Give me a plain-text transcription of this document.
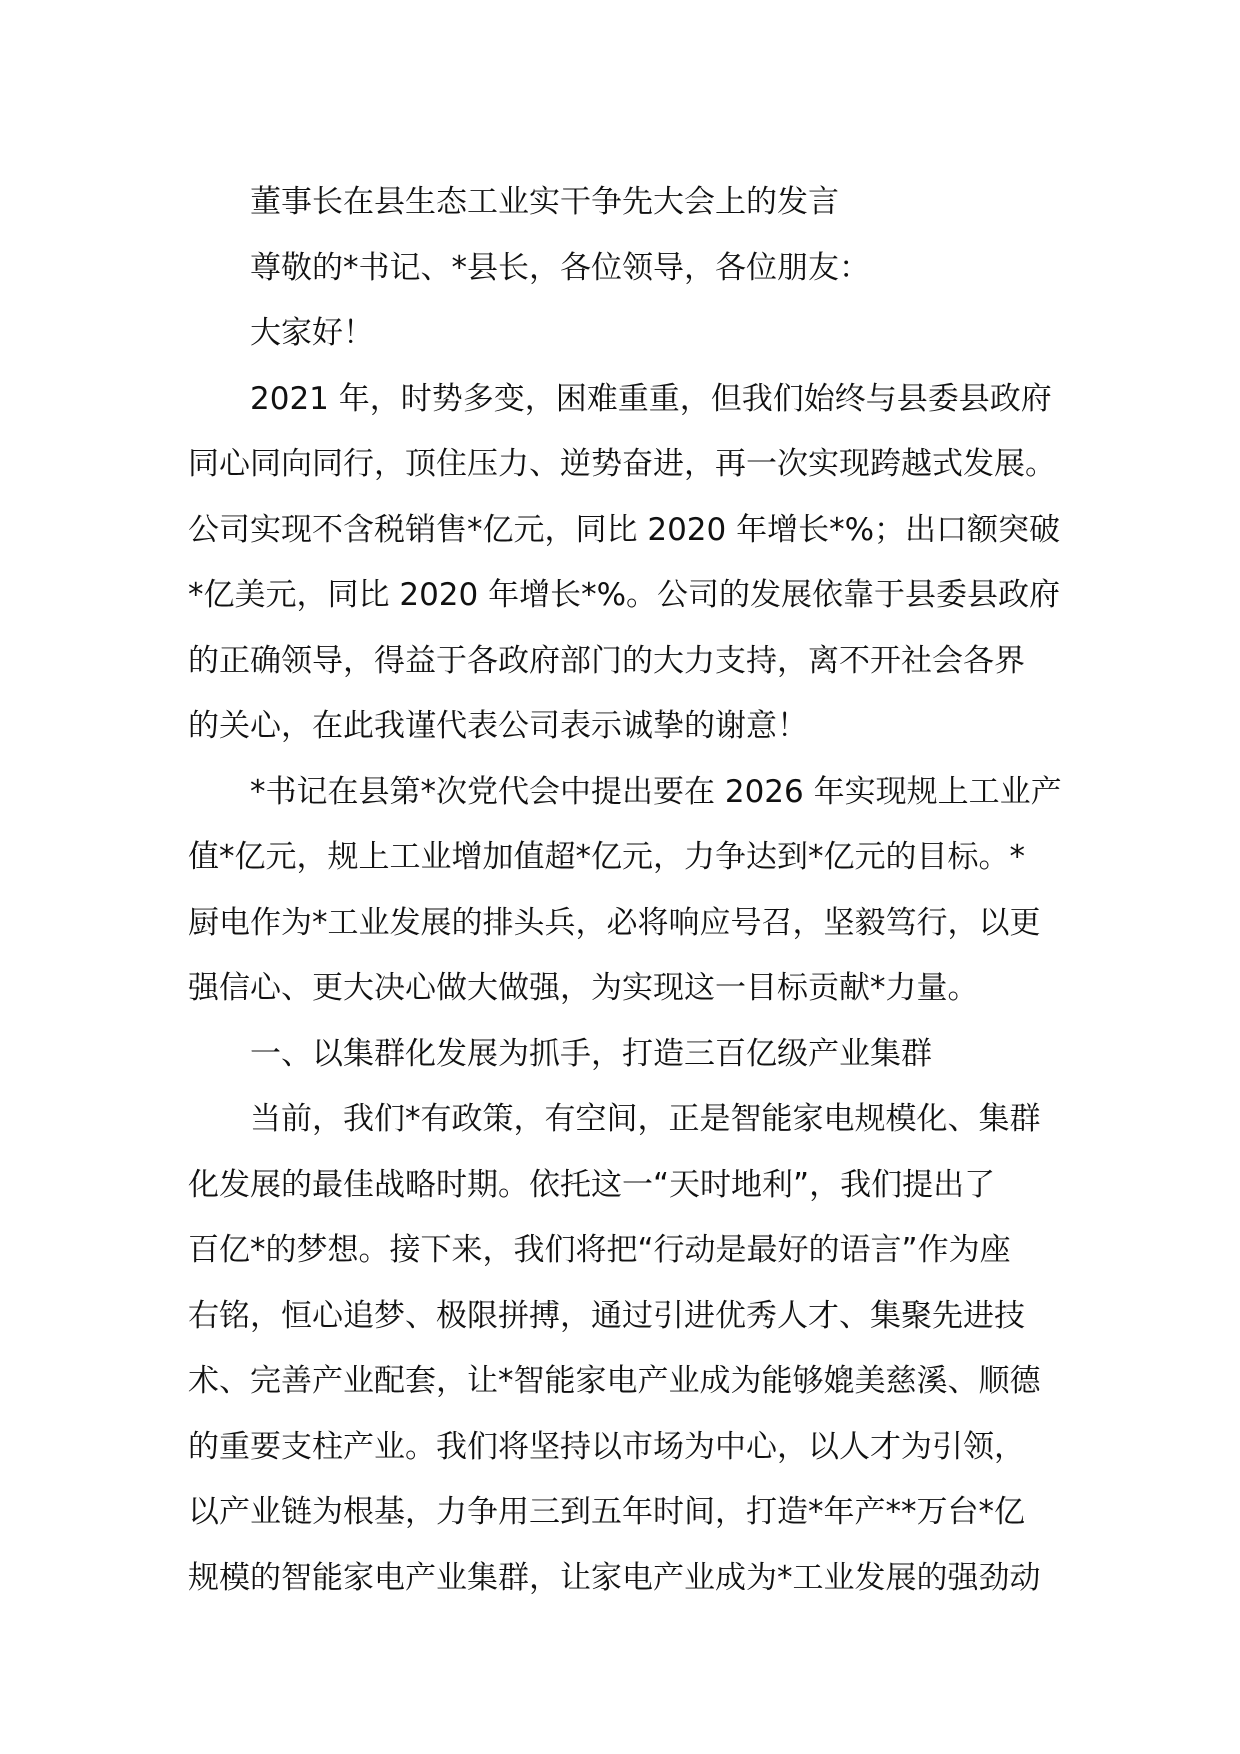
董事长在县生态工业实干争先大会上的发言
尊敬的*书记、*县长，各位领导，各位朋友：
大家好！
2021 年，时势多变，困难重重，但我们始终与县委县政府
同心同向同行，顶住压力、逆势奋进，再一次实现跨越式发展。
公司实现不含税销售*亿元，同比 2020 年增长*%；出口额突破
*亿美元，同比 2020 年增长*%。公司的发展依靠于县委县政府
的正确领导，得益于各政府部门的大力支持，离不开社会各界
的关心，在此我谨代表公司表示诚挚的谢意！
*书记在县第*次党代会中提出要在 2026 年实现规上工业产
值*亿元，规上工业增加值超*亿元，力争达到*亿元的目标。*
厨电作为*工业发展的排头兵，必将响应号召，坚毅笃行，以更
强信心、更大决心做大做强，为实现这一目标贡献*力量。
一、以集群化发展为抓手，打造三百亿级产业集群
当前，我们*有政策，有空间，正是智能家电规模化、集群
化发展的最佳战略时期。依托这一“天时地利”，我们提出了
百亿*的梦想。接下来，我们将把“行动是最好的语言”作为座
右铭，恒心追梦、极限拼搏，通过引进优秀人才、集聚先进技
术、完善产业配套，让*智能家电产业成为能够媲美慈溪、顺德
的重要支柱产业。我们将坚持以市场为中心，以人才为引领，
以产业链为根基，力争用三到五年时间，打造*年产**万台*亿
规模的智能家电产业集群，让家电产业成为*工业发展的强劲动
